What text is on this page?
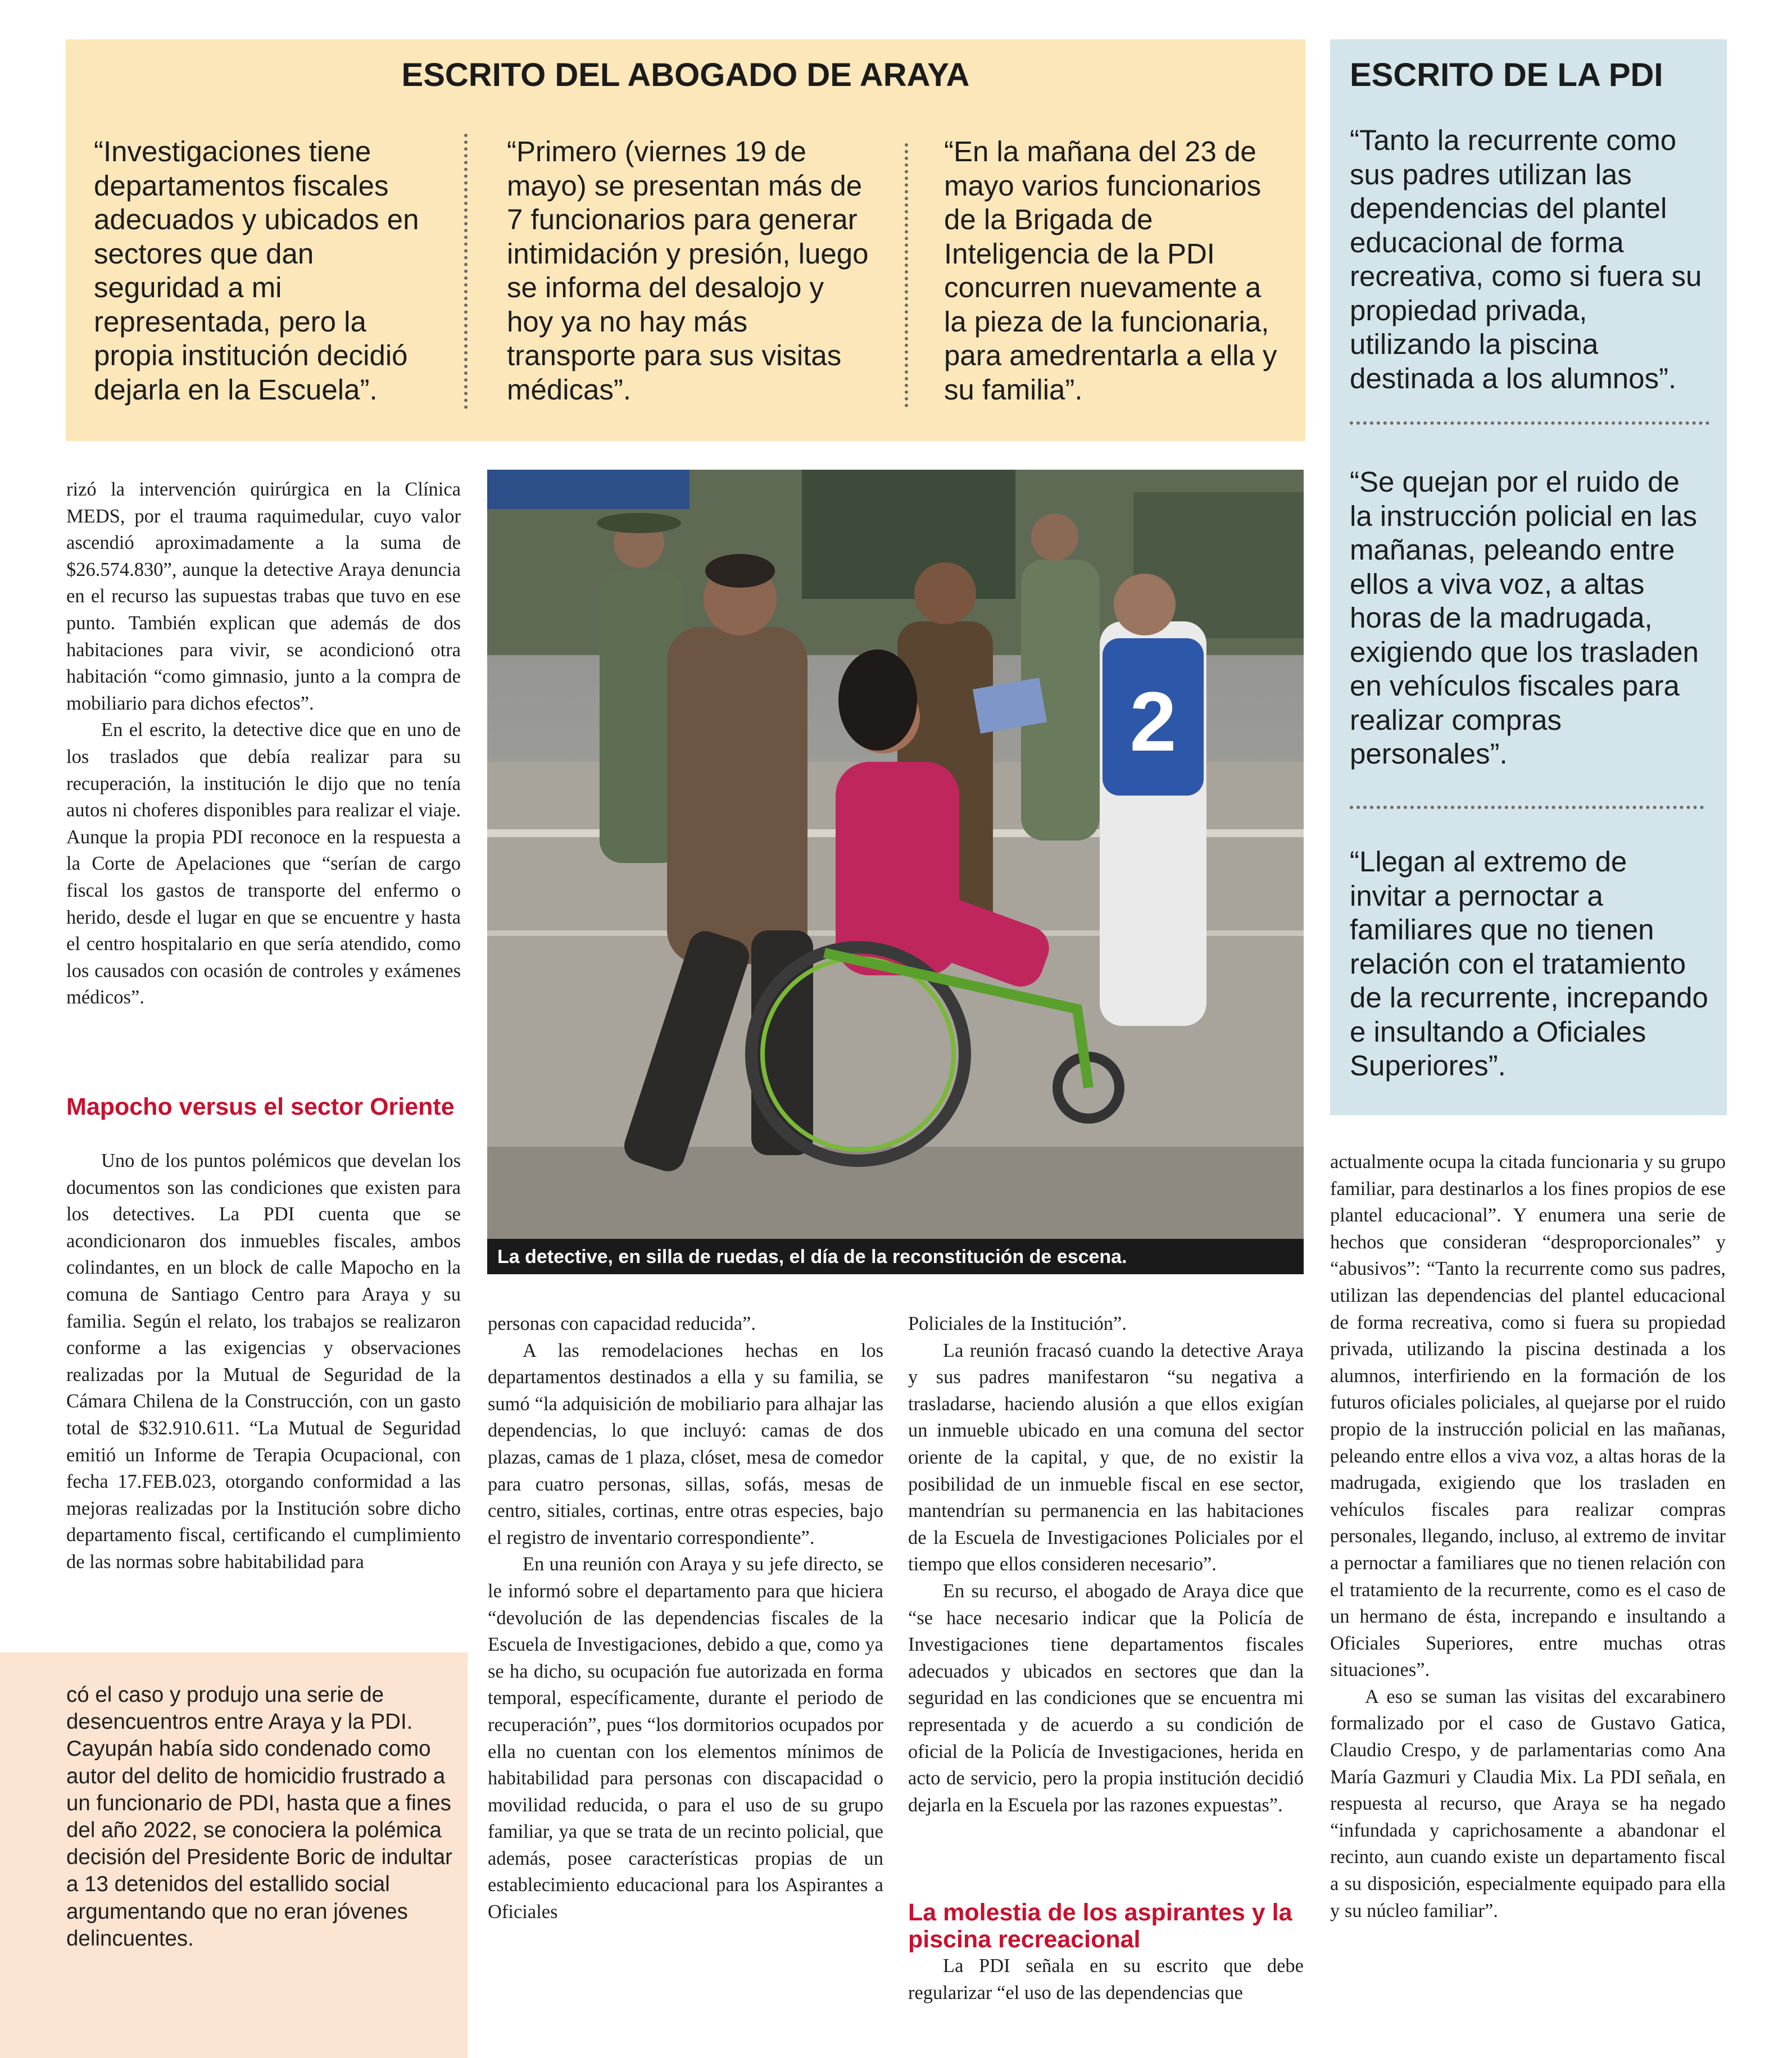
ESCRITO DEL ABOGADO DE ARAYA
“Investigaciones tiene departamentos fiscales adecuados y ubicados en sectores que dan seguridad a mi representada, pero la propia institución decidió dejarla en la Escuela”.
“Primero (viernes 19 de mayo) se presentan más de 7 funcionarios para generar intimidación y presión, luego se informa del desalojo y hoy ya no hay más transporte para sus visitas médicas”.
“En la mañana del 23 de mayo varios funcionarios de la Brigada de Inteligencia de la PDI concurren nuevamente a la pieza de la funcionaria, para amedrentarla a ella y su familia”.
ESCRITO DE LA PDI
“Tanto la recurrente como sus padres utilizan las dependencias del plantel educacional de forma recreativa, como si fuera su propiedad privada, utilizando la piscina destinada a los alumnos”.
“Se quejan por el ruido de la instrucción policial en las mañanas, peleando entre ellos a viva voz, a altas horas de la madrugada, exigiendo que los trasladen en vehículos fiscales para realizar compras personales”.
“Llegan al extremo de invitar a pernoctar a familiares que no tienen relación con el tratamiento de la recurrente, increpando e insultando a Oficiales Superiores”.
2
La detective, en silla de ruedas, el día de la reconstitución de escena.

rizó la intervención quirúrgica en la Clínica MEDS, por el trauma raquimedular, cuyo valor ascendió aproximadamente a la suma de $26.574.830”, aunque la detective Araya denuncia en el recurso las supuestas trabas que tuvo en ese punto. También explican que además de dos habitaciones para vivir, se acondicionó otra habitación “como gimnasio, junto a la compra de mobiliario para dichos efectos”.

En el escrito, la detective dice que en uno de los traslados que debía realizar para su recuperación, la institución le dijo que no tenía autos ni choferes disponibles para realizar el viaje. Aunque la propia PDI reconoce en la respuesta a la Corte de Apelaciones que “serían de cargo fiscal los gastos de transporte del enfermo o herido, desde el lugar en que se encuentre y hasta el centro hospitalario en que sería atendido, como los causados con ocasión de controles y exámenes médicos”.

Mapocho versus el sector Oriente

Uno de los puntos polémicos que develan los documentos son las condiciones que existen para los detectives. La PDI cuenta que se acondicionaron dos inmuebles fiscales, ambos colindantes, en un block de calle Mapocho en la comuna de Santiago Centro para Araya y su familia. Según el relato, los trabajos se realizaron conforme a las exigencias y observaciones realizadas por la Mutual de Seguridad de la Cámara Chilena de la Construcción, con un gasto total de $32.910.611. “La Mutual de Seguridad emitió un Informe de Terapia Ocupacional, con fecha 17.FEB.023, otorgando conformidad a las mejoras realizadas por la Institución sobre dicho departamento fiscal, certificando el cumplimiento de las normas sobre habitabilidad para

có el caso y produjo una serie de desencuentros entre Araya y la PDI. Cayupán había sido condenado como autor del delito de homicidio frustrado a un funcionario de PDI, hasta que a fines del año 2022, se conociera la polémica decisión del Presidente Boric de indultar a 13 detenidos del estallido social argumentando que no eran jóvenes delincuentes.

personas con capacidad reducida”.

A las remodelaciones hechas en los departamentos destinados a ella y su familia, se sumó “la adquisición de mobiliario para alhajar las dependencias, lo que incluyó: camas de dos plazas, camas de 1 plaza, clóset, mesa de comedor para cuatro personas, sillas, sofás, mesas de centro, sitiales, cortinas, entre otras especies, bajo el registro de inventario correspondiente”.

En una reunión con Araya y su jefe directo, se le informó sobre el departamento para que hiciera “devolución de las dependencias fiscales de la Escuela de Investigaciones, debido a que, como ya se ha dicho, su ocupación fue autorizada en forma temporal, específicamente, durante el periodo de recuperación”, pues “los dormitorios ocupados por ella no cuentan con los elementos mínimos de habitabilidad para personas con discapacidad o movilidad reducida, o para el uso de su grupo familiar, ya que se trata de un recinto policial, que además, posee características propias de un establecimiento educacional para los Aspirantes a Oficiales

Policiales de la Institución”.

La reunión fracasó cuando la detective Araya y sus padres manifestaron “su negativa a trasladarse, haciendo alusión a que ellos exigían un inmueble ubicado en una comuna del sector oriente de la capital, y que, de no existir la posibilidad de un inmueble fiscal en ese sector, mantendrían su permanencia en las habitaciones de la Escuela de Investigaciones Policiales por el tiempo que ellos consideren necesario”.

En su recurso, el abogado de Araya dice que “se hace necesario indicar que la Policía de Investigaciones tiene departamentos fiscales adecuados y ubicados en sectores que dan la seguridad en las condiciones que se encuentra mi representada y de acuerdo a su condición de oficial de la Policía de Investigaciones, herida en acto de servicio, pero la propia institución decidió dejarla en la Escuela por las razones expuestas”.

La molestia de los aspirantes y la piscina recreacional

La PDI señala en su escrito que debe regularizar “el uso de las dependencias que

actualmente ocupa la citada funcionaria y su grupo familiar, para destinarlos a los fines propios de ese plantel educacional”. Y enumera una serie de hechos que consideran “desproporcionales” y “abusivos”: “Tanto la recurrente como sus padres, utilizan las dependencias del plantel educacional de forma recreativa, como si fuera su propiedad privada, utilizando la piscina destinada a los alumnos, interfiriendo en la formación de los futuros oficiales policiales, al quejarse por el ruido propio de la instrucción policial en las mañanas, peleando entre ellos a viva voz, a altas horas de la madrugada, exigiendo que los trasladen en vehículos fiscales para realizar compras personales, llegando, incluso, al extremo de invitar a pernoctar a familiares que no tienen relación con el tratamiento de la recurrente, como es el caso de un hermano de ésta, increpando e insultando a Oficiales Superiores, entre muchas otras situaciones”.

A eso se suman las visitas del excarabinero formalizado por el caso de Gustavo Gatica, Claudio Crespo, y de parlamentarias como Ana María Gazmuri y Claudia Mix. La PDI señala, en respuesta al recurso, que Araya se ha negado “infundada y caprichosamente a abandonar el recinto, aun cuando existe un departamento fiscal a su disposición, especialmente equipado para ella y su núcleo familiar”.
